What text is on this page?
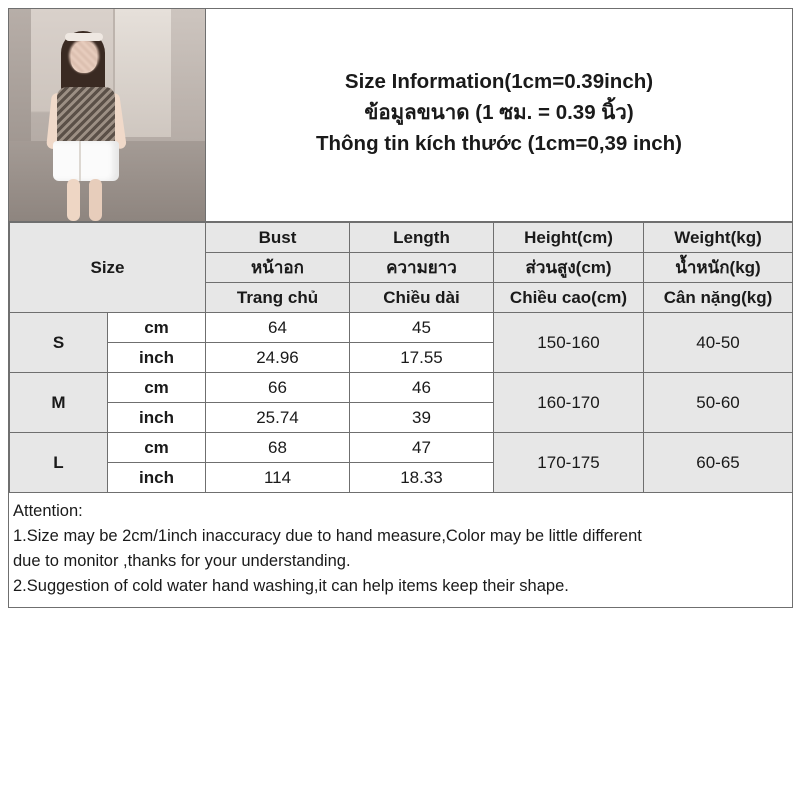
Size Information(1cm=0.39inch)
ข้อมูลขนาด (1 ซม. = 0.39 นิ้ว)
Thông tin kích thước (1cm=0,39 inch)
Size		Bust	Length	Height(cm)	Weight(kg)
		หน้าอก	ความยาว	ส่วนสูง(cm)	น้ำหนัก(kg)
		Trang chủ	Chiều dài	Chiều cao(cm)	Cân nặng(kg)
S	cm	64	45	150-160	40-50
	inch	24.96	17.55		
M	cm	66	46	160-170	50-60
	inch	25.74	39		
L	cm	68	47	170-175	60-65
	inch	114	18.33		
Attention:
1.Size may be 2cm/1inch inaccuracy due to hand measure,Color may be little different
due to monitor ,thanks for your understanding.
2.Suggestion of cold water hand washing,it can help items keep their shape.
